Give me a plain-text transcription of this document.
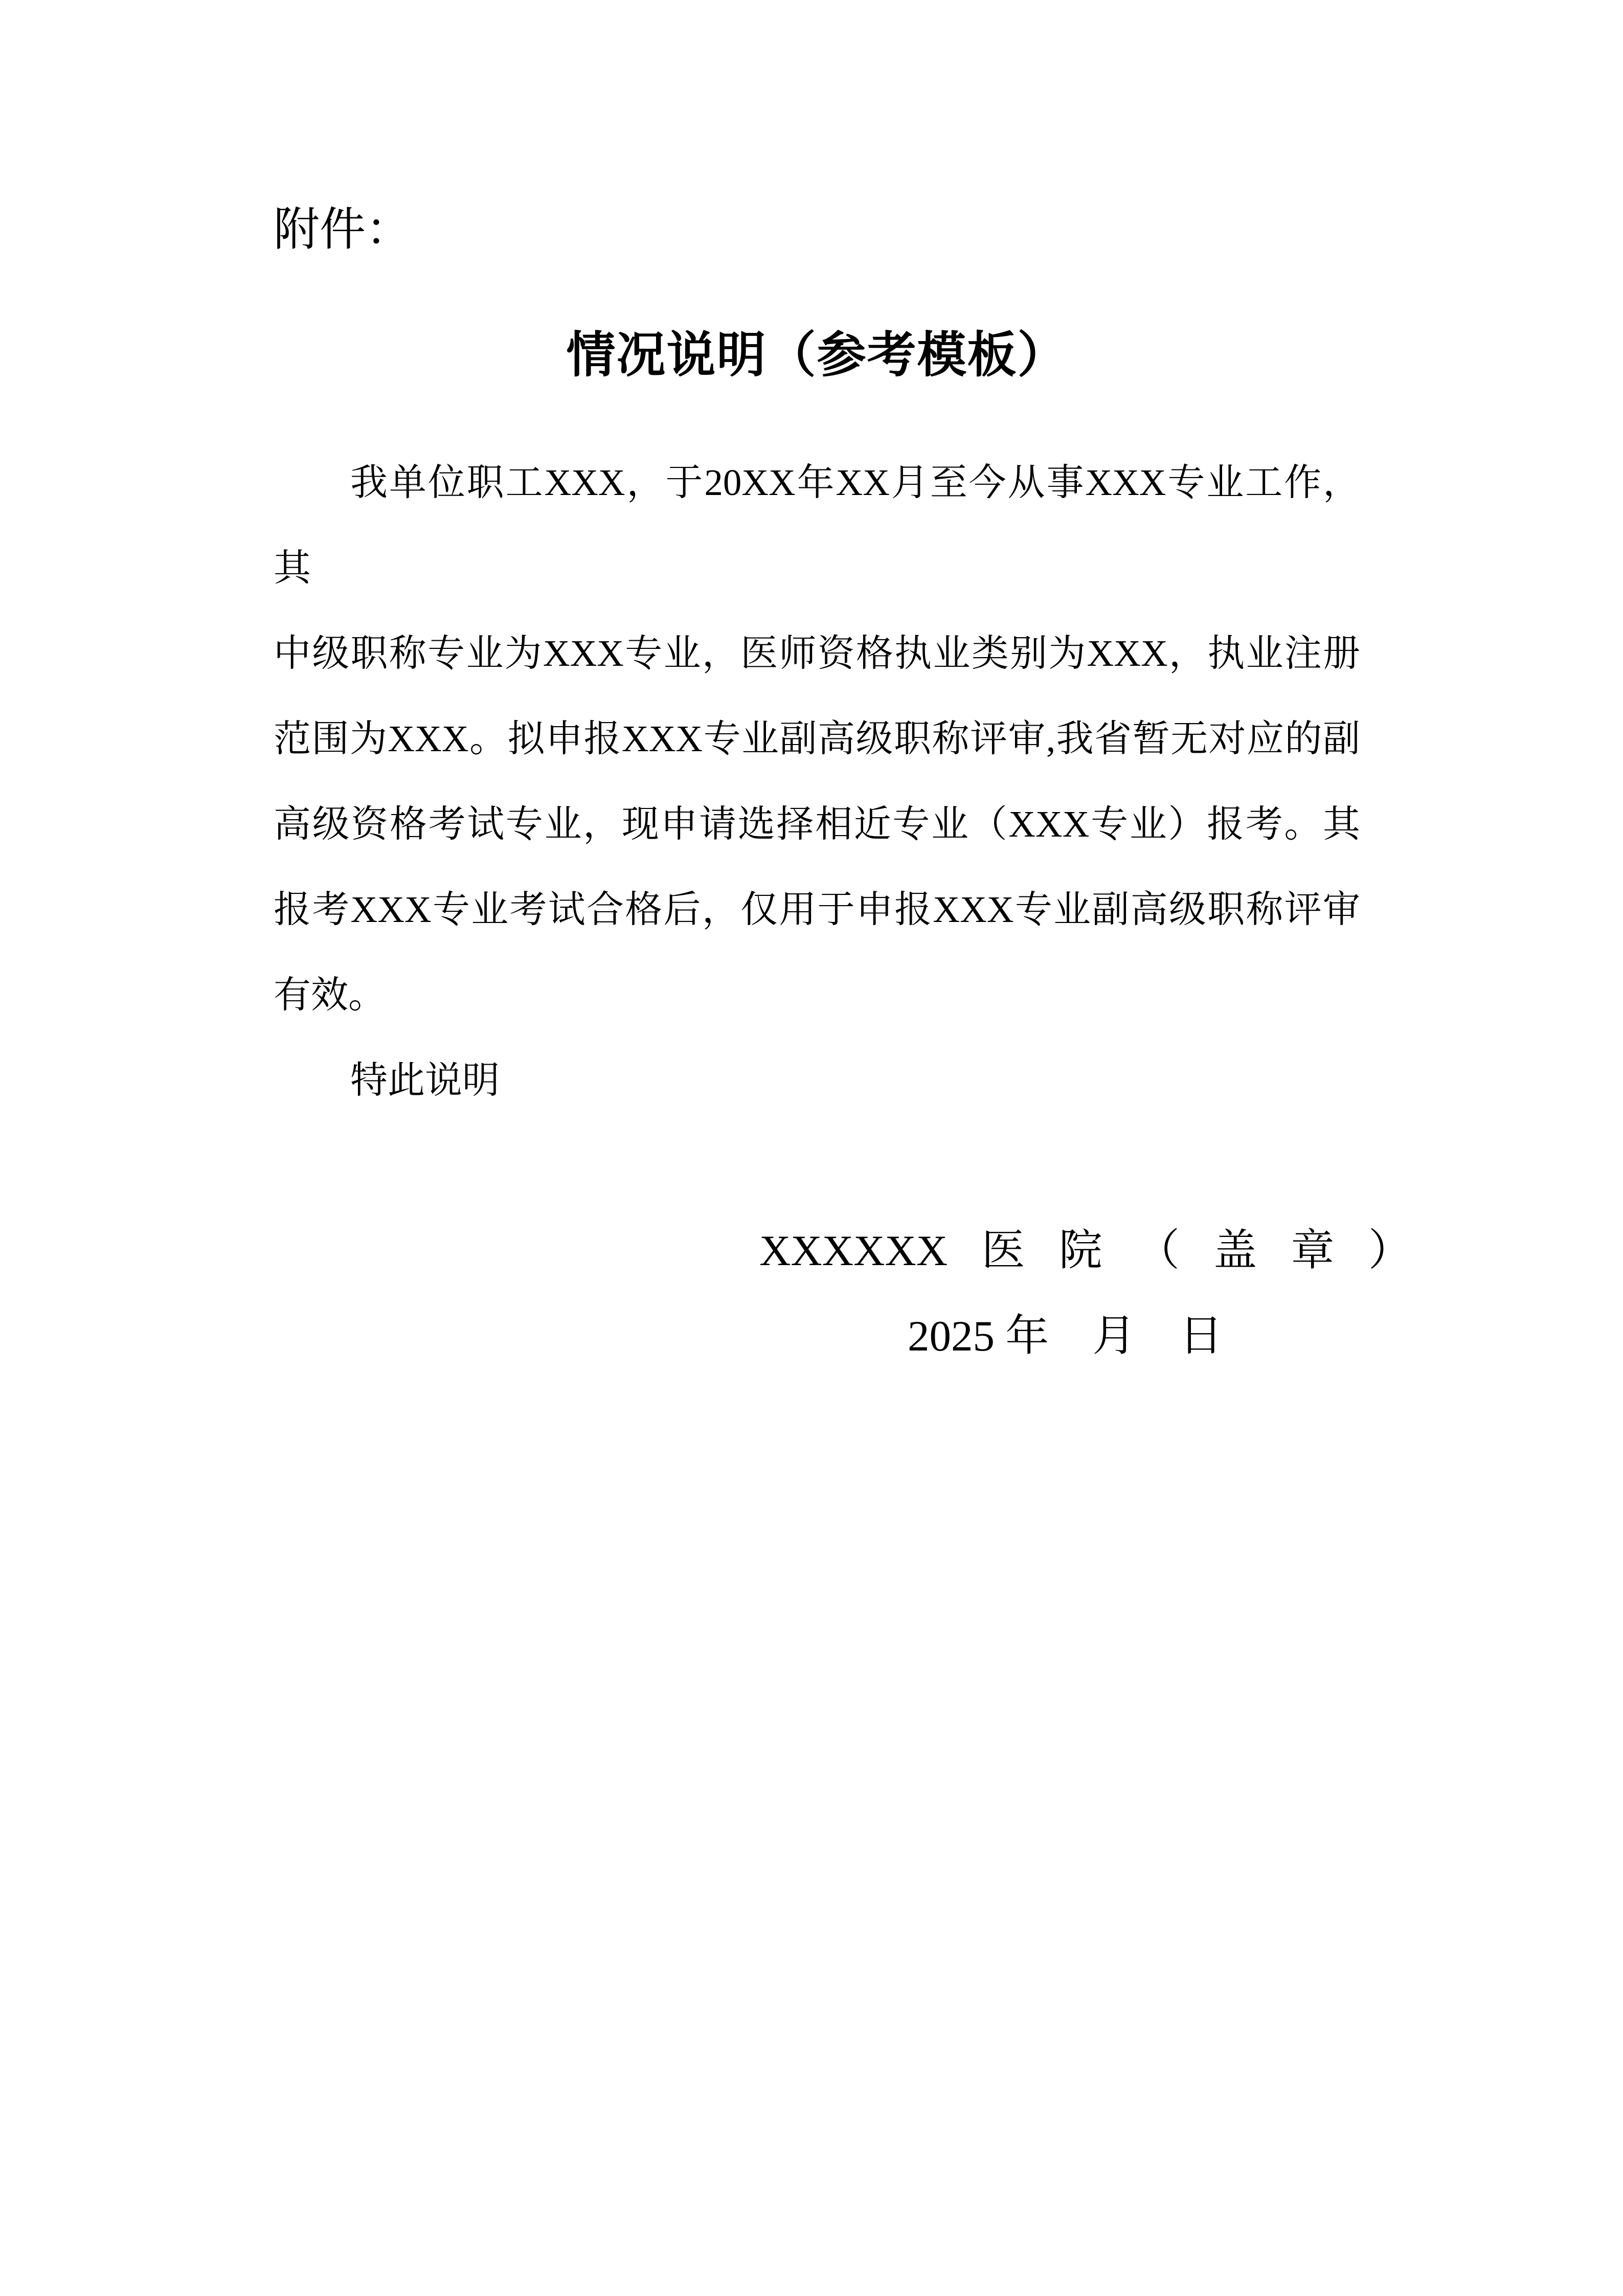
附件：
情况说明（参考模板）
我单位职工XXX，于20XX年XX月至今从事XXX专业工作，其
中级职称专业为XXX专业，医师资格执业类别为XXX，执业注册
范围为XXX。拟申报XXX专业副高级职称评审,我省暂无对应的副
高级资格考试专业，现申请选择相近专业（XXX专业）报考。其
报考XXX专业考试合格后，仅用于申报XXX专业副高级职称评审
有效。
特此说明
XXXXXX 医 院 （ 盖 章 ）
2025 年　月　日
